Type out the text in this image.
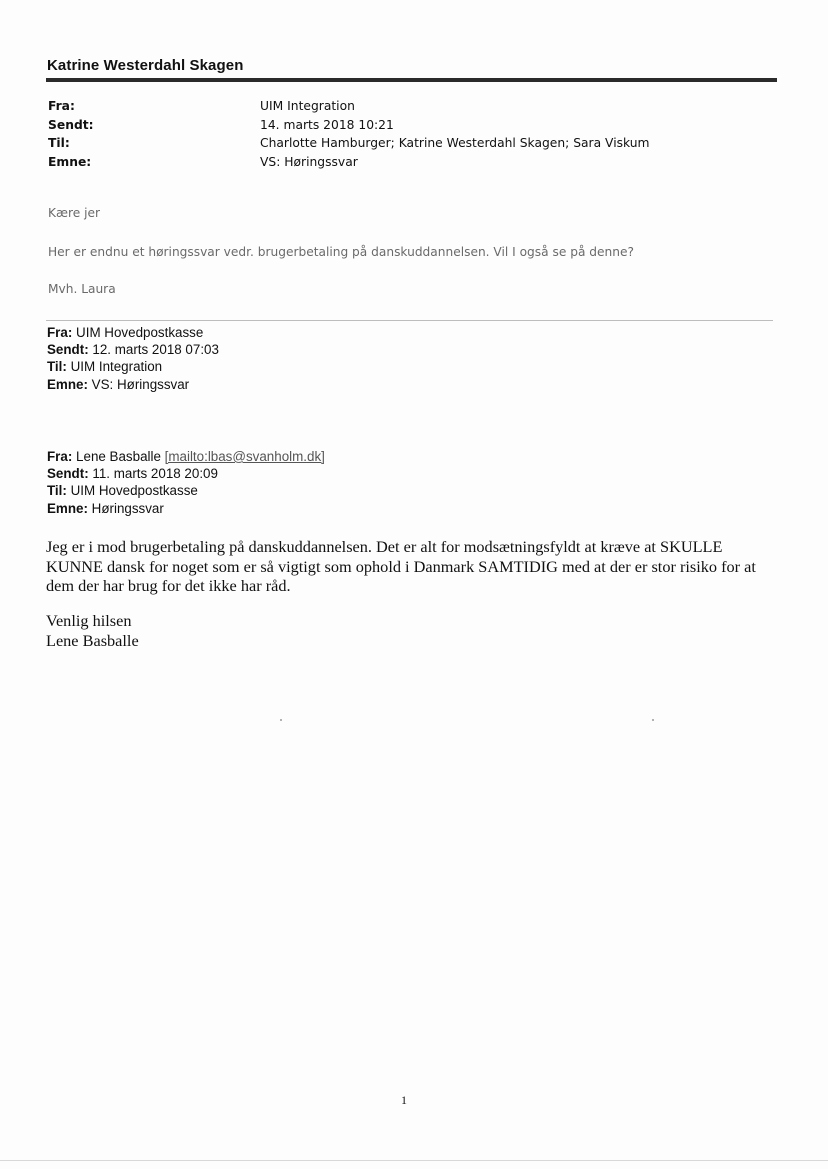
Katrine Westerdahl Skagen
Fra:	UIM Integration
Sendt:	14. marts 2018 10:21
Til:	Charlotte Hamburger; Katrine Westerdahl Skagen; Sara Viskum
Emne:	VS: Høringssvar
Kære jer
Her er endnu et høringssvar vedr. brugerbetaling på danskuddannelsen. Vil I også se på denne?
Mvh. Laura
Fra: UIM Hovedpostkasse
Sendt: 12. marts 2018 07:03
Til: UIM Integration
Emne: VS: Høringssvar
Fra: Lene Basballe [mailto:lbas@svanholm.dk]
Sendt: 11. marts 2018 20:09
Til: UIM Hovedpostkasse
Emne: Høringssvar
Jeg er i mod brugerbetaling på danskuddannelsen. Det er alt for modsætningsfyldt at kræve at SKULLE KUNNE dansk for noget som er så vigtigt som ophold i Danmark SAMTIDIG med at der er stor risiko for at dem der har brug for det ikke har råd.
Venlig hilsen
Lene Basballe
1
